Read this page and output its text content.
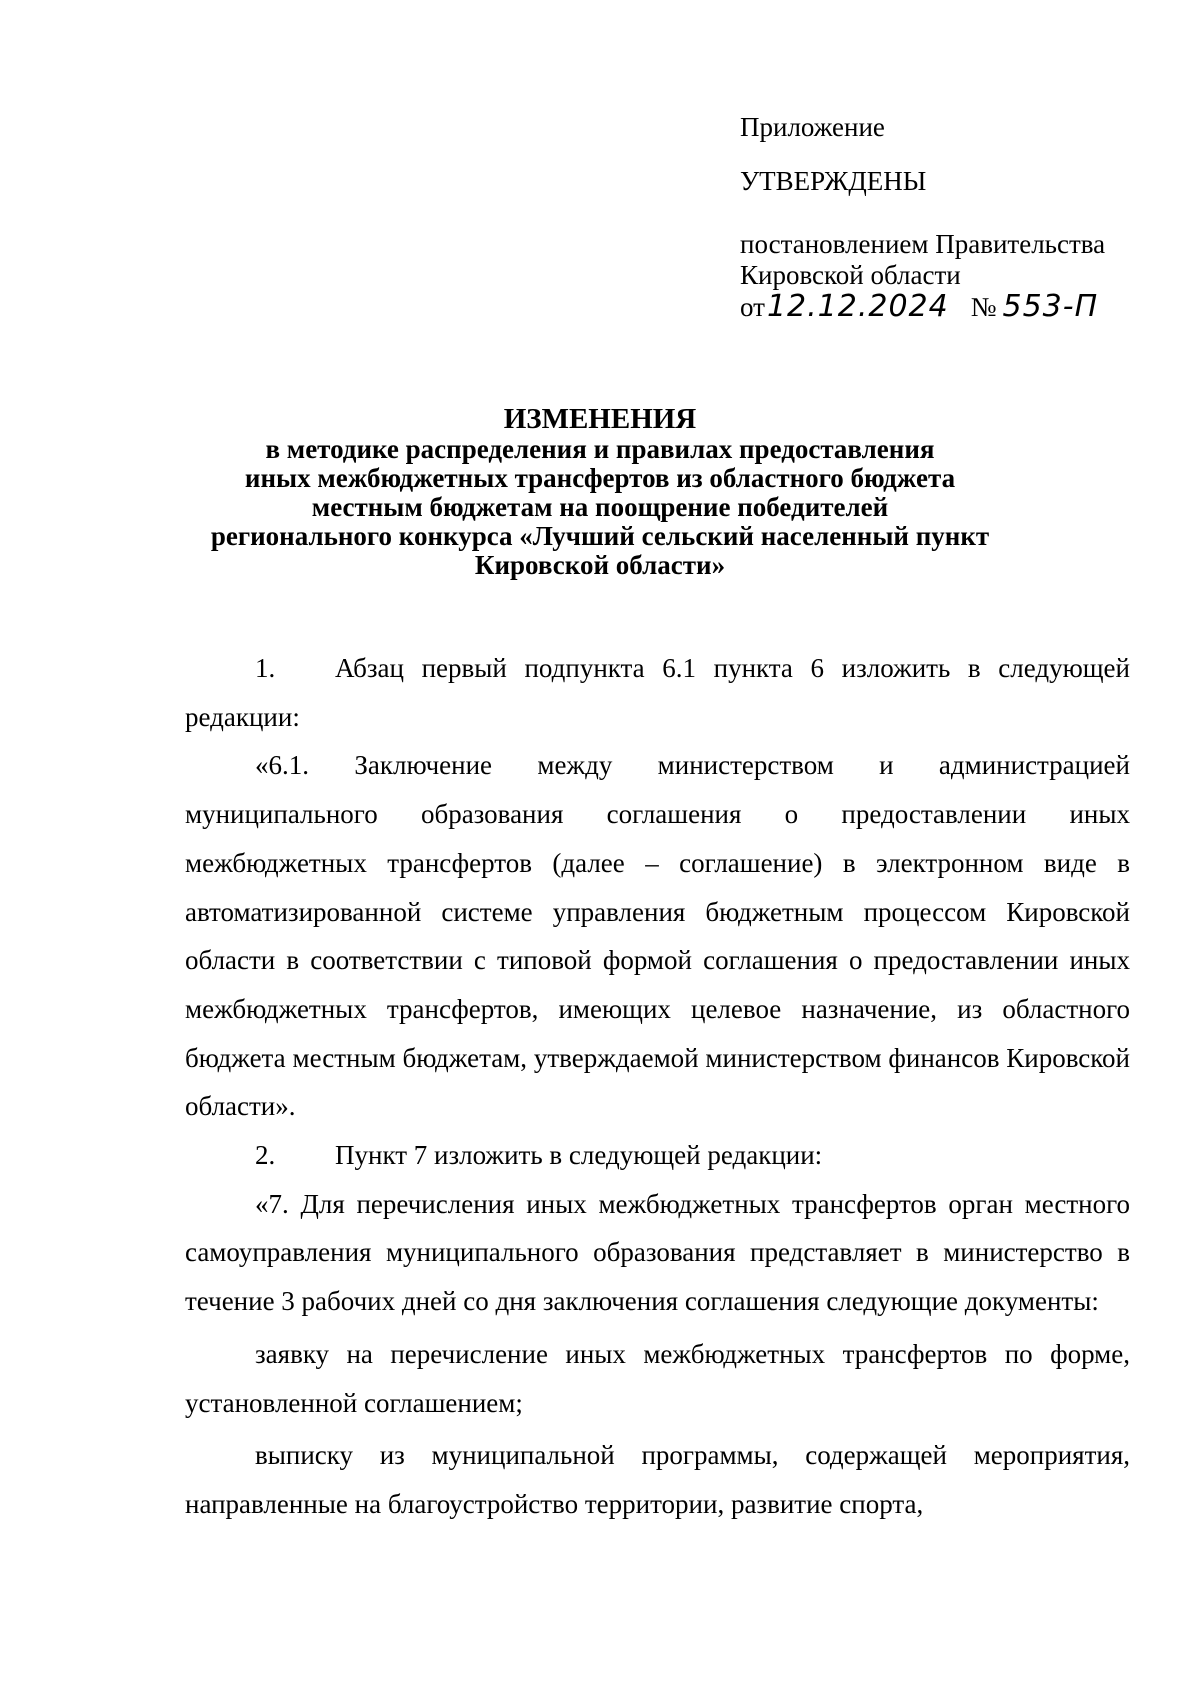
Приложение
УТВЕРЖДЕНЫ
постановлением Правительства
Кировской области
от12.12.2024 № 553-П
ИЗМЕНЕНИЯ
в методике распределения и правилах предоставления
иных межбюджетных трансфертов из областного бюджета
местным бюджетам на поощрение победителей
регионального конкурса «Лучший сельский населенный пункт
Кировской области»

1. Абзац первый подпункта 6.1 пункта 6 изложить в следующей редакции:

«6.1. Заключение между министерством и администрацией муниципального образования соглашения о предоставлении иных межбюджетных трансфертов (далее – соглашение) в электронном виде в автоматизированной системе управления бюджетным процессом Кировской области в соответствии с типовой формой соглашения о предоставлении иных межбюджетных трансфертов, имеющих целевое назначение, из областного бюджета местным бюджетам, утверждаемой министерством финансов Кировской области».

2. Пункт 7 изложить в следующей редакции:

«7. Для перечисления иных межбюджетных трансфертов орган местного самоуправления муниципального образования представляет в министерство в течение 3 рабочих дней со дня заключения соглашения следующие документы:

заявку на перечисление иных межбюджетных трансфертов по форме, установленной соглашением;

выписку из муниципальной программы, содержащей мероприятия, направленные на благоустройство территории, развитие спорта,
